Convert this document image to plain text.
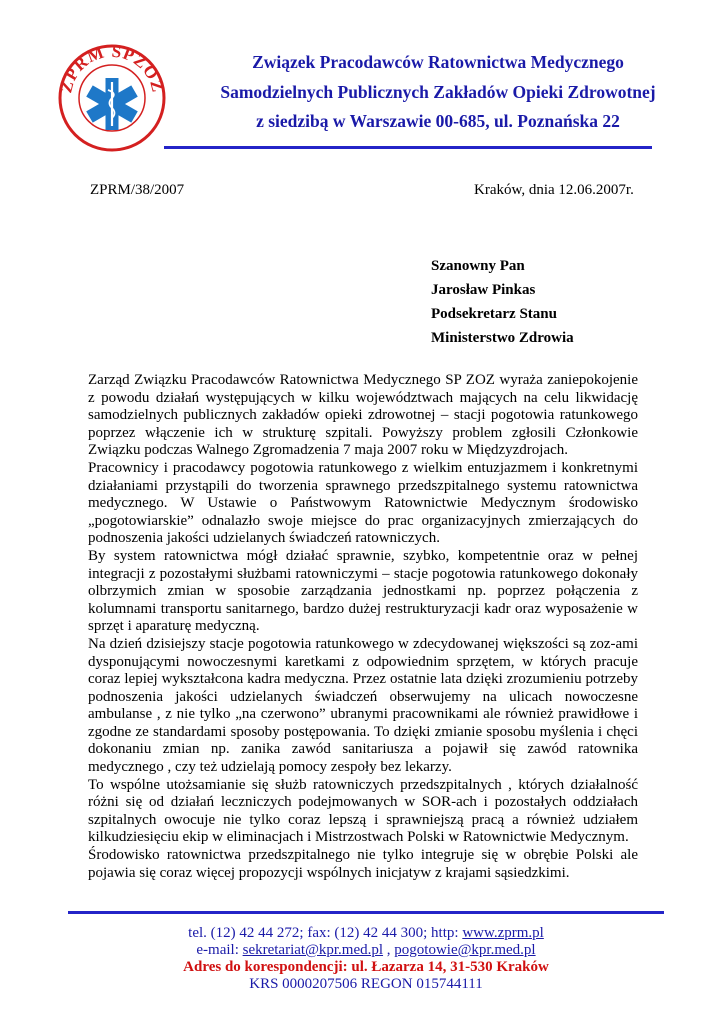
ZPRM SPZOZ
Związek Pracodawców Ratownictwa Medycznego
Samodzielnych Publicznych Zakładów Opieki Zdrowotnej
z siedzibą w Warszawie 00-685, ul. Poznańska 22
ZPRM/38/2007	Kraków, dnia 12.06.2007r.
Szanowny Pan
Jarosław Pinkas
Podsekretarz Stanu
Ministerstwo Zdrowia

Zarząd Związku Pracodawców Ratownictwa Medycznego SP ZOZ wyraża zaniepokojenie z powodu działań występujących w kilku województwach mających na celu likwidację samodzielnych publicznych zakładów opieki zdrowotnej – stacji pogotowia ratunkowego poprzez włączenie ich w strukturę szpitali. Powyższy problem zgłosili Członkowie Związku podczas Walnego Zgromadzenia 7 maja 2007 roku w Międzyzdrojach.

Pracownicy i pracodawcy pogotowia ratunkowego z wielkim entuzjazmem i konkretnymi działaniami przystąpili do tworzenia sprawnego przedszpitalnego systemu ratownictwa medycznego. W Ustawie o Państwowym Ratownictwie Medycznym środowisko „pogotowiarskie” odnalazło swoje miejsce do prac organizacyjnych zmierzających do podnoszenia jakości udzielanych świadczeń ratowniczych.

By system ratownictwa mógł działać sprawnie, szybko, kompetentnie oraz w pełnej integracji z pozostałymi służbami ratowniczymi – stacje pogotowia ratunkowego dokonały olbrzymich zmian w sposobie zarządzania jednostkami np. poprzez połączenia z kolumnami transportu sanitarnego, bardzo dużej restrukturyzacji kadr oraz wyposażenie w sprzęt i aparaturę medyczną.

Na dzień dzisiejszy stacje pogotowia ratunkowego w zdecydowanej większości są zoz-ami dysponującymi nowoczesnymi karetkami z odpowiednim sprzętem, w których pracuje coraz lepiej wykształcona kadra medyczna. Przez ostatnie lata dzięki zrozumieniu potrzeby podnoszenia jakości udzielanych świadczeń obserwujemy na ulicach nowoczesne ambulanse , z nie tylko „na czerwono” ubranymi pracownikami ale również prawidłowe i zgodne ze standardami sposoby postępowania. To dzięki zmianie sposobu myślenia i chęci dokonaniu zmian np. zanika zawód sanitariusza a pojawił się zawód ratownika medycznego , czy też udzielają pomocy zespoły bez lekarzy.

To wspólne utożsamianie się służb ratowniczych przedszpitalnych , których działalność różni się od działań leczniczych podejmowanych w SOR-ach i pozostałych oddziałach szpitalnych owocuje nie tylko coraz lepszą i sprawniejszą pracą a również udziałem kilkudziesięciu ekip w eliminacjach i Mistrzostwach Polski w Ratownictwie Medycznym.

Środowisko ratownictwa przedszpitalnego nie tylko integruje się w obrębie Polski ale pojawia się coraz więcej propozycji wspólnych inicjatyw z krajami sąsiedzkimi.

tel. (12) 42 44 272; fax: (12) 42 44 300; http: www.zprm.pl
e-mail: sekretariat@kpr.med.pl , pogotowie@kpr.med.pl
Adres do korespondencji: ul. Łazarza 14, 31-530 Kraków
KRS 0000207506 REGON 015744111
